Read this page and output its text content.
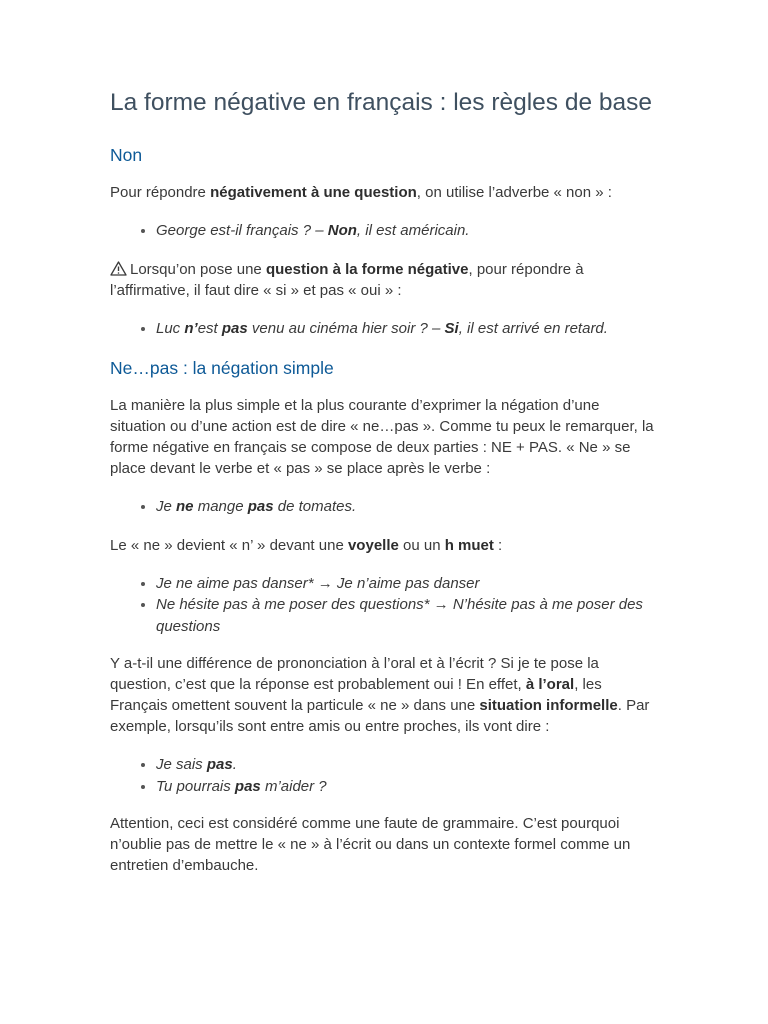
La forme négative en français : les règles de base
Non

Pour répondre négativement à une question, on utilise l’adverbe « non » :

• George est-il français ? – Non, il est américain.

Lorsqu’on pose une question à la forme négative, pour répondre à l’affirmative, il faut dire « si » et pas « oui » :

• Luc n’est pas venu au cinéma hier soir ? – Si, il est arrivé en retard.
Ne…pas : la négation simple

La manière la plus simple et la plus courante d’exprimer la négation d’une situation ou d’une action est de dire « ne…pas ». Comme tu peux le remarquer, la forme négative en français se compose de deux parties : NE + PAS. « Ne » se place devant le verbe et « pas » se place après le verbe :

• Je ne mange pas de tomates.

Le « ne » devient « n’ » devant une voyelle ou un h muet :

• Je ne aime pas danser* → Je n’aime pas danser
• Ne hésite pas à me poser des questions* → N’hésite pas à me poser des questions

Y a-t-il une différence de prononciation à l’oral et à l’écrit ? Si je te pose la question, c’est que la réponse est probablement oui ! En effet, à l’oral, les Français omettent souvent la particule « ne » dans une situation informelle. Par exemple, lorsqu’ils sont entre amis ou entre proches, ils vont dire :

• Je sais pas.
• Tu pourrais pas m’aider ?

Attention, ceci est considéré comme une faute de grammaire. C’est pourquoi n’oublie pas de mettre le « ne » à l’écrit ou dans un contexte formel comme un entretien d’embauche.
